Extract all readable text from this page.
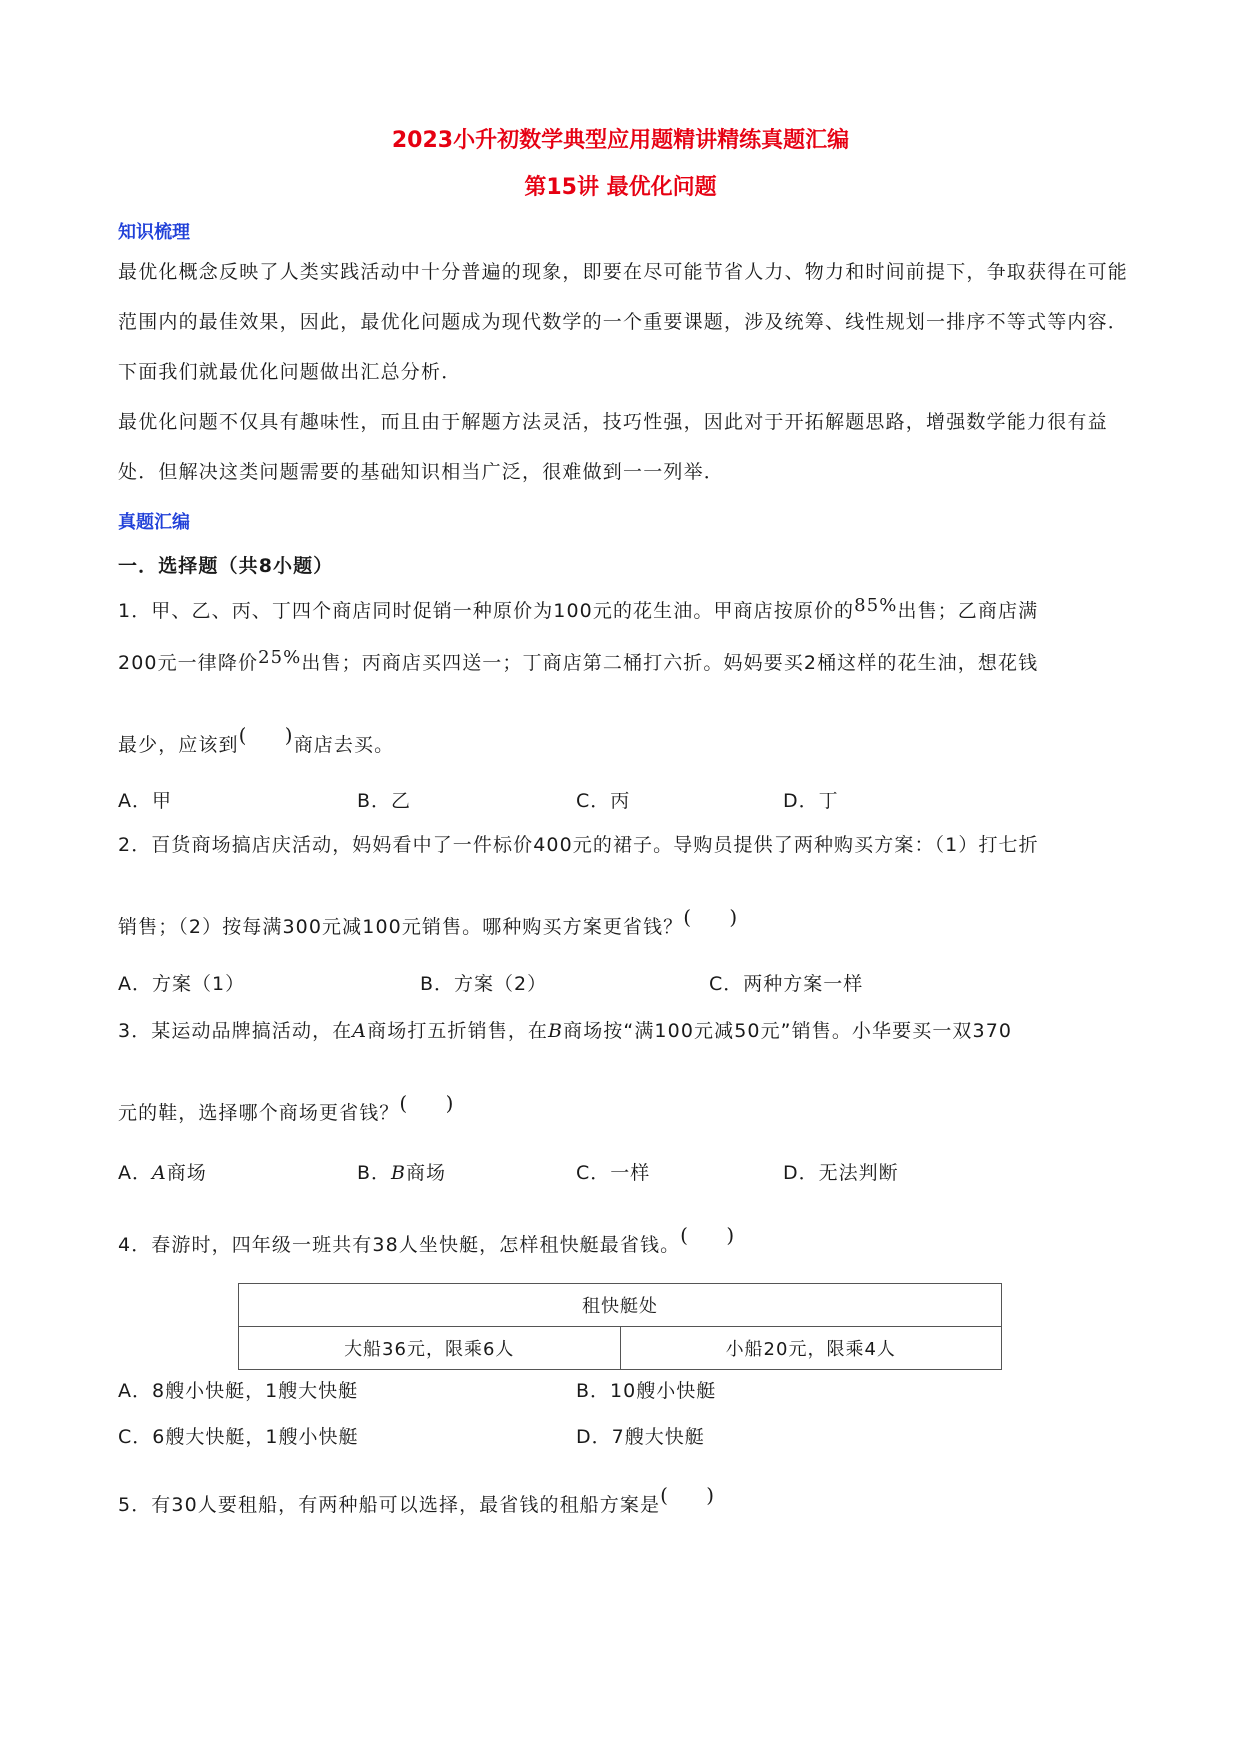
2023小升初数学典型应用题精讲精练真题汇编
第15讲 最优化问题
知识梳理
最优化概念反映了人类实践活动中十分普遍的现象，即要在尽可能节省人力、物力和时间前提下，争取获得在可能范围内的最佳效果，因此，最优化问题成为现代数学的一个重要课题，涉及统筹、线性规划一排序不等式等内容．下面我们就最优化问题做出汇总分析．
最优化问题不仅具有趣味性，而且由于解题方法灵活，技巧性强，因此对于开拓解题思路，增强数学能力很有益处．但解决这类问题需要的基础知识相当广泛，很难做到一一列举．
真题汇编
一．选择题（共8小题）
1．甲、乙、丙、丁四个商店同时促销一种原价为100元的花生油。甲商店按原价的85%出售；乙商店满
200元一律降价25%出售；丙商店买四送一；丁商店第二桶打六折。妈妈要买2桶这样的花生油，想花钱
最少，应该到(     )商店去买。
A．甲	B．乙	C．丙	D．丁
2．百货商场搞店庆活动，妈妈看中了一件标价400元的裙子。导购员提供了两种购买方案：（1）打七折
销售；（2）按每满300元减100元销售。哪种购买方案更省钱？(     )
A．方案（1）	B．方案（2）	C．两种方案一样
3．某运动品牌搞活动，在A商场打五折销售，在B商场按“满100元减50元”销售。小华要买一双370
元的鞋，选择哪个商场更省钱？(     )
A．A商场	B．B商场	C．一样	D．无法判断
4．春游时，四年级一班共有38人坐快艇，怎样租快艇最省钱。(     )
租快艇处
大船36元，限乘6人	小船20元，限乘4人
A．8艘小快艇，1艘大快艇	B．10艘小快艇
C．6艘大快艇，1艘小快艇	D．7艘大快艇
5．有30人要租船，有两种船可以选择，最省钱的租船方案是(     )
